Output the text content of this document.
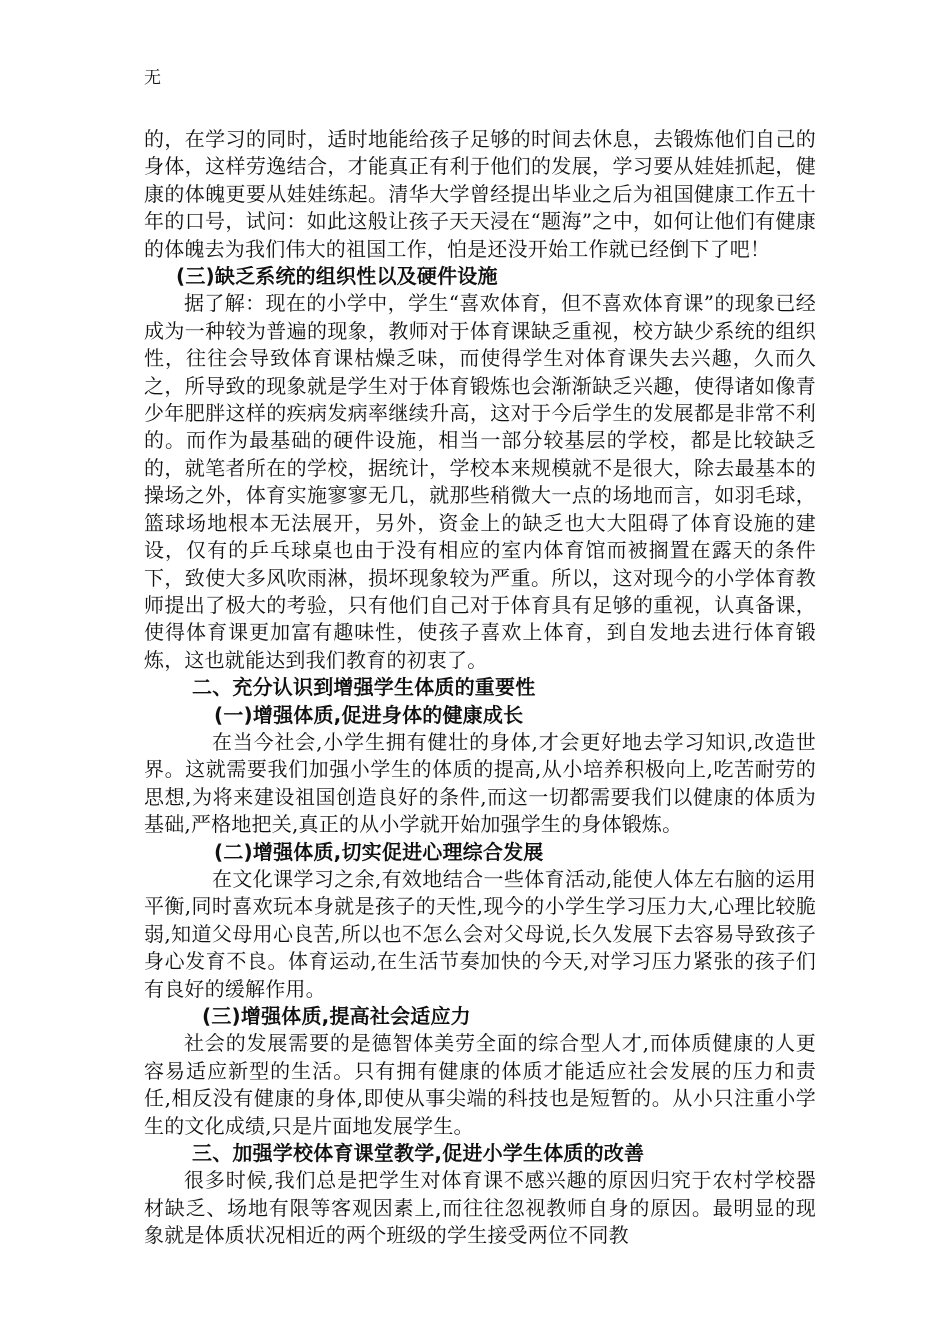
无

的，在学习的同时，适时地能给孩子足够的时间去休息，去锻炼他们自己的身体，这样劳逸结合，才能真正有利于他们的发展，学习要从娃娃抓起，健康的体魄更要从娃娃练起。清华大学曾经提出毕业之后为祖国健康工作五十年的口号，试问：如此这般让孩子天天浸在“题海”之中，如何让他们有健康的体魄去为我们伟大的祖国工作，怕是还没开始工作就已经倒下了吧！

(三)缺乏系统的组织性以及硬件设施

据了解：现在的小学中，学生“喜欢体育，但不喜欢体育课”的现象已经成为一种较为普遍的现象，教师对于体育课缺乏重视，校方缺少系统的组织性，往往会导致体育课枯燥乏味，而使得学生对体育课失去兴趣，久而久之，所导致的现象就是学生对于体育锻炼也会渐渐缺乏兴趣，使得诸如像青少年肥胖这样的疾病发病率继续升高，这对于今后学生的发展都是非常不利的。而作为最基础的硬件设施，相当一部分较基层的学校，都是比较缺乏的，就笔者所在的学校，据统计，学校本来规模就不是很大，除去最基本的操场之外，体育实施寥寥无几，就那些稍微大一点的场地而言，如羽毛球，篮球场地根本无法展开，另外，资金上的缺乏也大大阻碍了体育设施的建设，仅有的乒乓球桌也由于没有相应的室内体育馆而被搁置在露天的条件下，致使大多风吹雨淋，损坏现象较为严重。所以，这对现今的小学体育教师提出了极大的考验，只有他们自己对于体育具有足够的重视，认真备课，使得体育课更加富有趣味性，使孩子喜欢上体育，到自发地去进行体育锻炼，这也就能达到我们教育的初衷了。

二、充分认识到增强学生体质的重要性

(一)增强体质,促进身体的健康成长

在当今社会,小学生拥有健壮的身体,才会更好地去学习知识,改造世界。这就需要我们加强小学生的体质的提高,从小培养积极向上,吃苦耐劳的思想,为将来建设祖国创造良好的条件,而这一切都需要我们以健康的体质为基础,严格地把关,真正的从小学就开始加强学生的身体锻炼。

(二)增强体质,切实促进心理综合发展

在文化课学习之余,有效地结合一些体育活动,能使人体左右脑的运用平衡,同时喜欢玩本身就是孩子的天性,现今的小学生学习压力大,心理比较脆弱,知道父母用心良苦,所以也不怎么会对父母说,长久发展下去容易导致孩子身心发育不良。体育运动,在生活节奏加快的今天,对学习压力紧张的孩子们有良好的缓解作用。

(三)增强体质,提高社会适应力

社会的发展需要的是德智体美劳全面的综合型人才,而体质健康的人更容易适应新型的生活。只有拥有健康的体质才能适应社会发展的压力和责任,相反没有健康的身体,即使从事尖端的科技也是短暂的。从小只注重小学生的文化成绩,只是片面地发展学生。

三、加强学校体育课堂教学,促进小学生体质的改善

很多时候,我们总是把学生对体育课不感兴趣的原因归究于农村学校器材缺乏、场地有限等客观因素上,而往往忽视教师自身的原因。最明显的现象就是体质状况相近的两个班级的学生接受两位不同教
